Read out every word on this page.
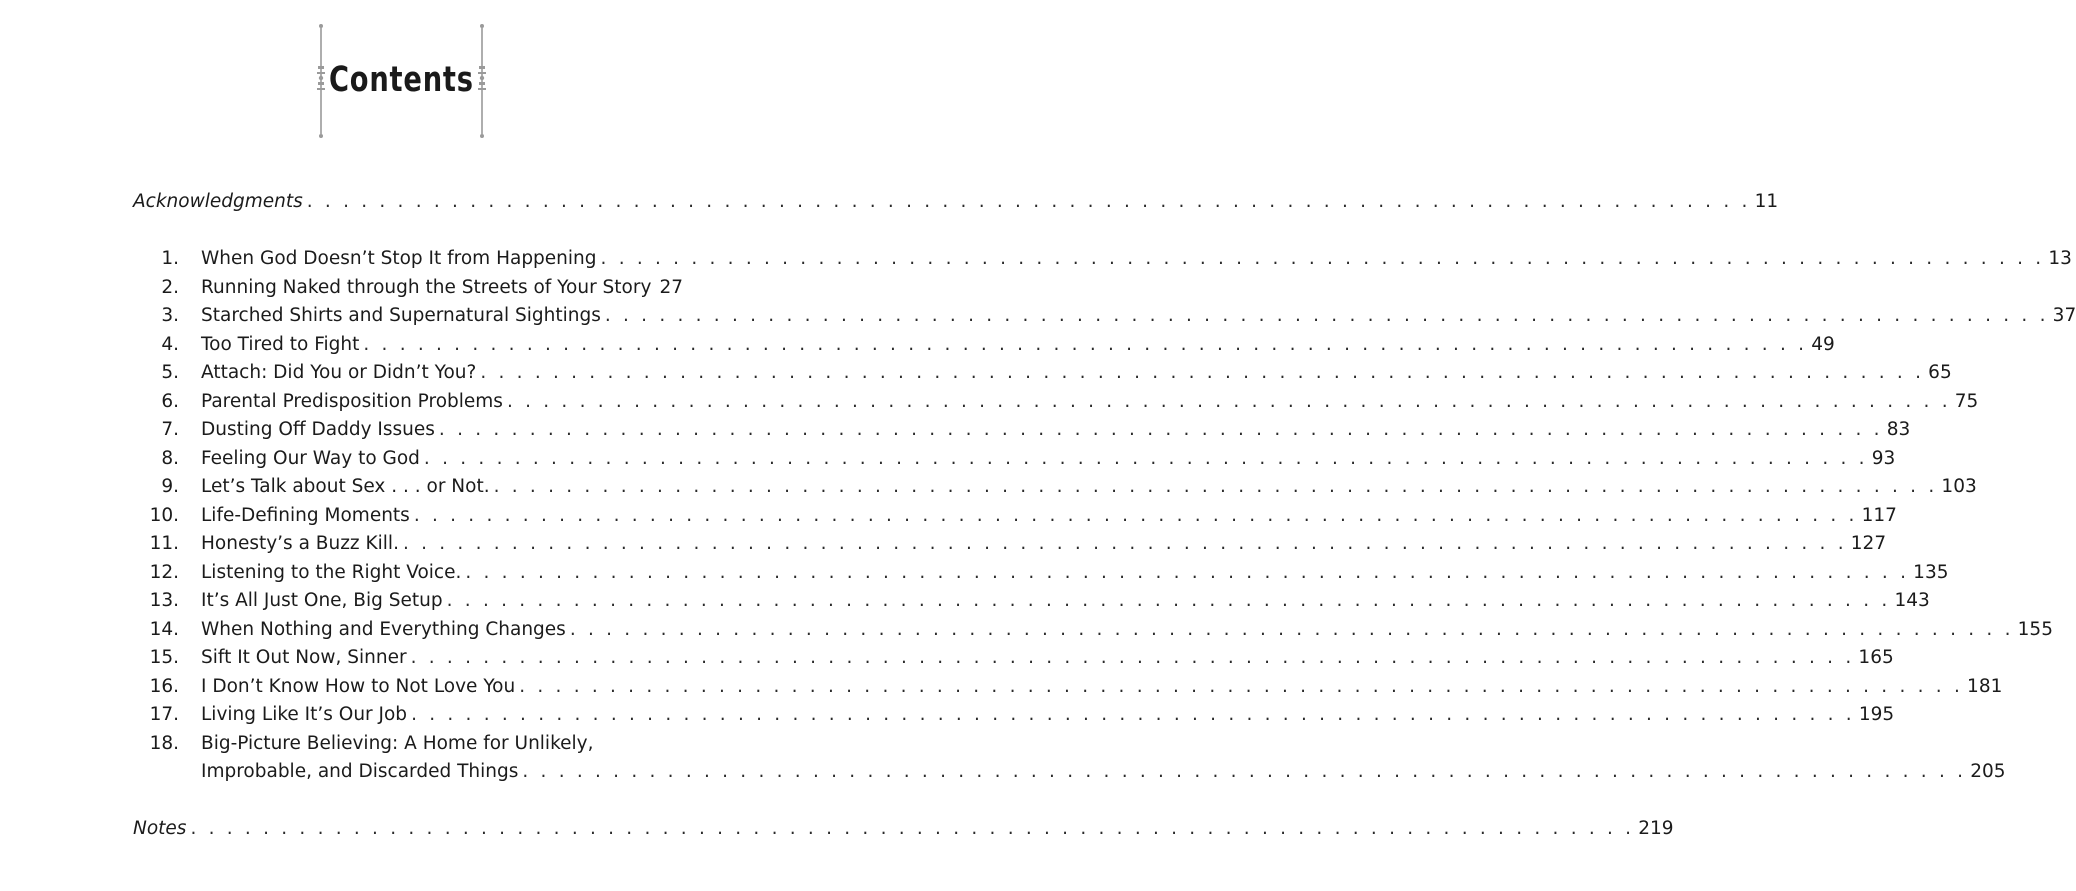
Contents
Acknowledgments . . .	11
1. When God Doesn’t Stop It from Happening . . .	13
2. Running Naked through the Streets of Your Story 27
3. Starched Shirts and Supernatural Sightings . . .	37
4. Too Tired to Fight . . .	49
5. Attach: Did You or Didn’t You? . . .	65
6. Parental Predisposition Problems . . .	75
7. Dusting Off Daddy Issues . . .	83
8. Feeling Our Way to God . . .	93
9. Let’s Talk about Sex . . . or Not. . . .	103
10. Life-Defining Moments . . .	117
11. Honesty’s a Buzz Kill. . . .	127
12. Listening to the Right Voice. . . .	135
13. It’s All Just One, Big Setup . . .	143
14. When Nothing and Everything Changes . . .	155
15. Sift It Out Now, Sinner . . .	165
16. I Don’t Know How to Not Love You . . .	181
17. Living Like It’s Our Job . . .	195
18. Big-Picture Believing: A Home for Unlikely,
Improbable, and Discarded Things . . .	205
Notes . . .	219
